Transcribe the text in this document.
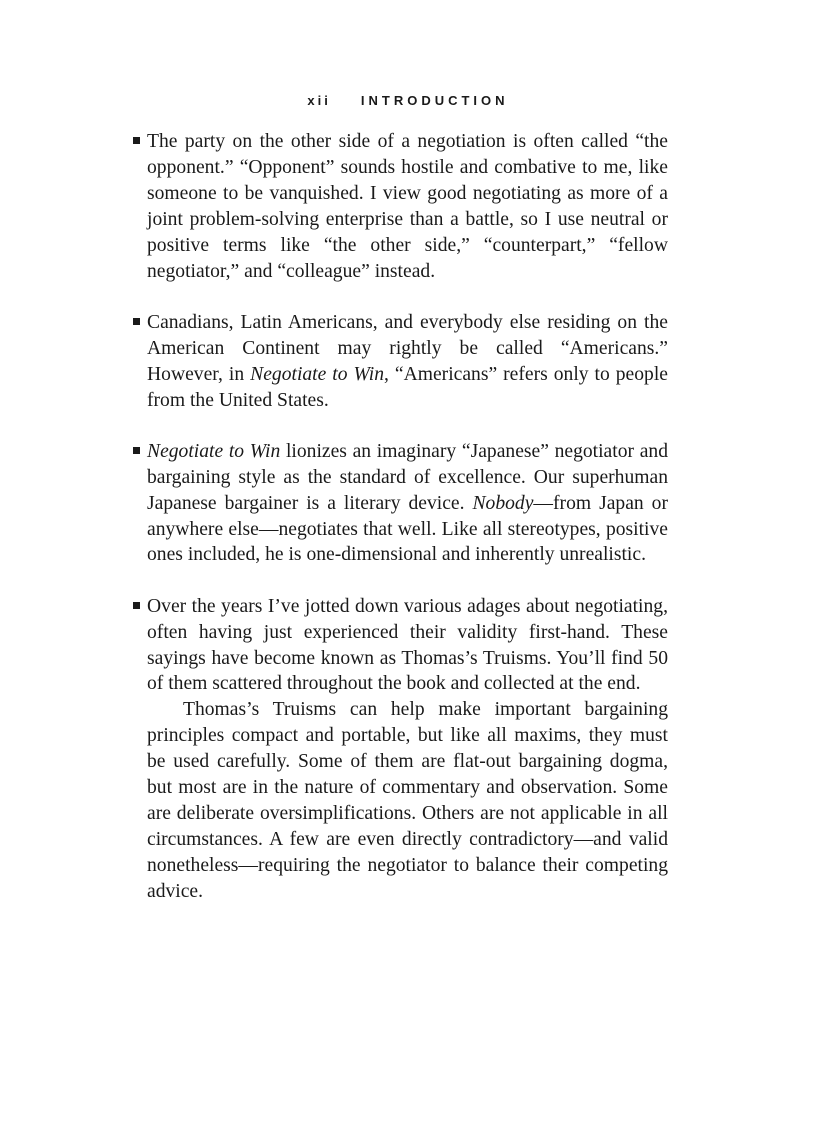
xii INTRODUCTION

The party on the other side of a negotiation is often called “the opponent.” “Opponent” sounds hostile and combative to me, like someone to be vanquished. I view good negotiating as more of a joint problem-solving enterprise than a battle, so I use neutral or positive terms like “the other side,” “counterpart,” “fellow negotiator,” and “colleague” instead.

Canadians, Latin Americans, and everybody else residing on the American Continent may rightly be called “Americans.” However, in Negotiate to Win, “Americans” refers only to people from the United States.

Negotiate to Win lionizes an imaginary “Japanese” negotiator and bargaining style as the standard of excellence. Our superhuman Japanese bargainer is a literary device. Nobody—from Japan or anywhere else—negotiates that well. Like all stereotypes, positive ones included, he is one-dimensional and inherently unrealistic.

Over the years I’ve jotted down various adages about negotiating, often having just experienced their validity first-hand. These sayings have become known as Thomas’s Truisms. You’ll find 50 of them scattered throughout the book and collected at the end.

Thomas’s Truisms can help make important bargaining principles compact and portable, but like all maxims, they must be used carefully. Some of them are flat-out bargaining dogma, but most are in the nature of commentary and observation. Some are deliberate oversimplifications. Others are not applicable in all circumstances. A few are even directly contradictory—and valid nonetheless—requiring the negotiator to balance their competing advice.
